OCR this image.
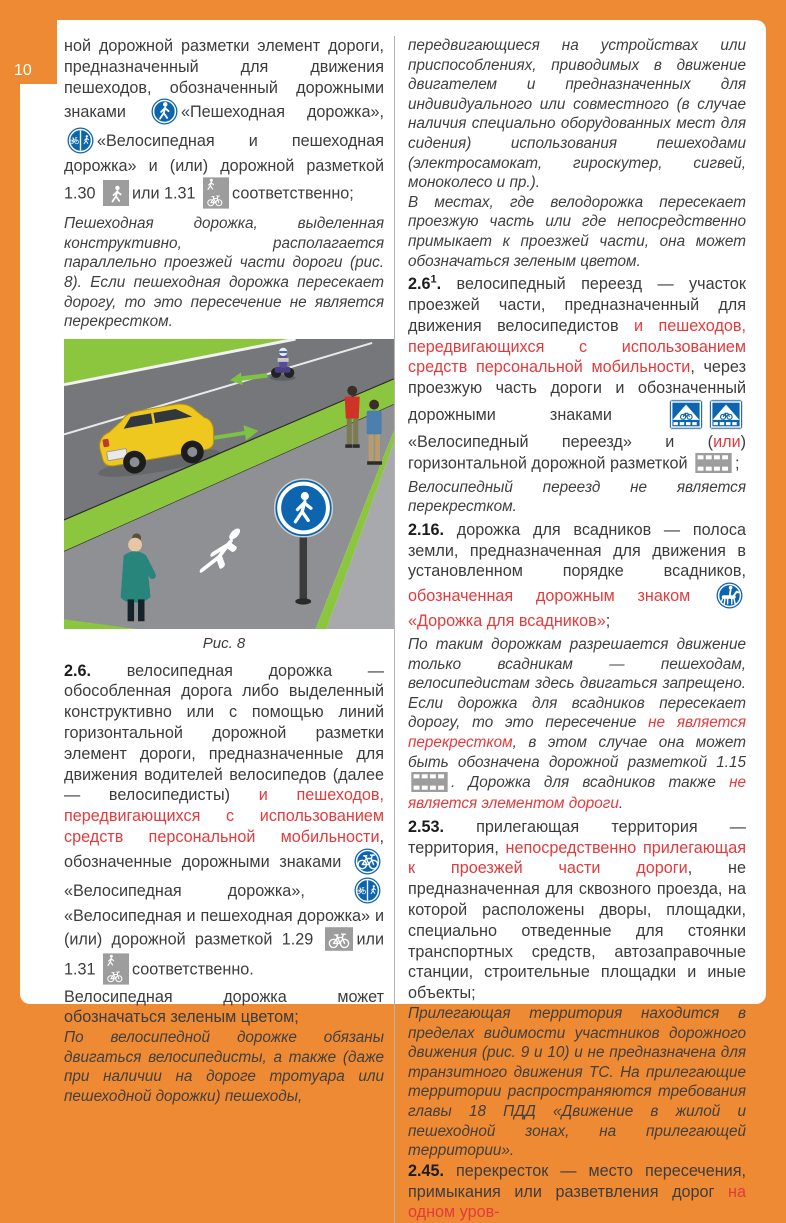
10

ной дорожной разметки элемент дороги, предназначенный для движения пешеходов, обозначенный дорожными знаками
«Пешеходная дорожка»,
«Велосипедная и пешеходная дорожка» и (или) дорожной разметкой 1.30
или 1.31
соответственно;

Пешеходная дорожка, выделенная конструктивно, располагается параллельно проезжей части дороги (рис. 8). Если пешеходная дорожка пересекает дорогу, то это пересечение не является перекрестком.

Рис. 8

2.6. велосипедная дорожка — обособленная дорога либо выделенный конструктивно или с помощью линий горизонтальной дорожной разметки элемент дороги, предназначенные для движения водителей велосипедов (далее — велосипедисты) и пешеходов, передвигающихся с использованием средств персональной мобильности, обозначенные дорожными знаками
«Велосипедная дорожка»,
«Велосипедная и пешеходная дорожка» и (или) дорожной разметкой 1.29
или 1.31
соответственно.

Велосипедная дорожка может обозначаться зеленым цветом;

По велосипедной дорожке обязаны двигаться велосипедисты, а также (даже при наличии на дороге тротуара или пешеходной дорожки) пешеходы,

передвигающиеся на устройствах или приспособлениях, приводимых в движение двигателем и предназначенных для индивидуального или совместного (в случае наличия специально оборудованных мест для сидения) использования пешеходами (электросамокат, гироскутер, сигвей, моноколесо и пр.).

В местах, где велодорожка пересекает проезжую часть или где непосредственно примыкает к проезжей части, она может обозначаться зеленым цветом.

$2.6^1$. велосипедный переезд — участок проезжей части, предназначенный для движения велосипедистов и пешеходов, передвигающихся с использованием средств персональной мобильности, через проезжую часть дороги и обозначенный дорожными знаками
«Велосипедный переезд» и (или) горизонтальной дорожной разметкой	;

Велосипедный переезд не является перекрестком.

2.16. дорожка для всадников — полоса земли, предназначенная для движения в установленном порядке всадников, обозначенная дорожным знаком
«Дорожка для всадников»;

По таким дорожкам разрешается движение только всадникам — пешеходам, велосипедистам здесь двигаться запрещено. Если дорожка для всадников пересекает дорогу, то это пересечение не является перекрестком, в этом случае она может быть обозначена дорожной разметкой 1.15
. Дорожка для всадников также не является элементом дороги.

2.53. прилегающая территория — территория, непосредственно прилегающая к проезжей части дороги, не предназначенная для сквозного проезда, на которой расположены дворы, площадки, специально отведенные для стоянки транспортных средств, автозаправочные станции, строительные площадки и иные объекты;

Прилегающая территория находится в пределах видимости участников дорожного движения (рис. 9 и 10) и не предназначена для транзитного движения ТС. На прилегающие территории распространяются требования главы 18 ПДД «Движение в жилой и пешеходной зонах, на прилегающей территории».

2.45. перекресток — место пересечения, примыкания или разветвления дорог на одном уров-
